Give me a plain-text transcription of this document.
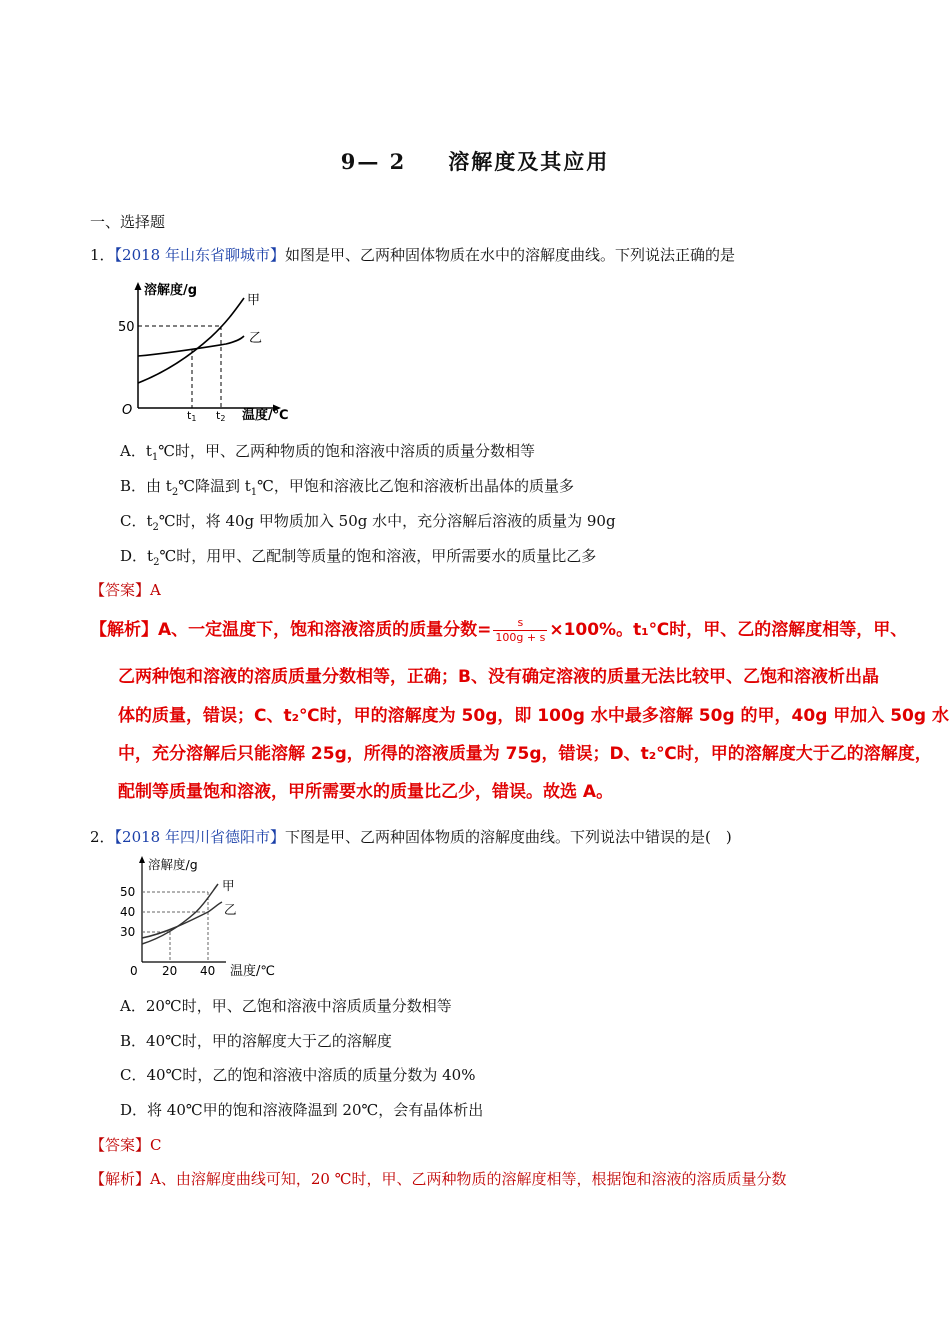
9— 2 溶解度及其应用
一、选择题
1．【2018 年山东省聊城市】如图是甲、乙两种固体物质在水中的溶解度曲线。下列说法正确的是
溶解度/g
50
O	t1 t2 温度/℃
甲
乙
A．$t_1℃$时，甲、乙两种物质的饱和溶液中溶质的质量分数相等
B．由 $t_2℃$降温到 $t_1℃$，甲饱和溶液比乙饱和溶液析出晶体的质量多
C．$t_2℃$时，将 40g 甲物质加入 50g 水中，充分溶解后溶液的质量为 90g
D．$t_2℃$时，用甲、乙配制等质量的饱和溶液，甲所需要水的质量比乙多
【答案】A
【解析】A、一定温度下，饱和溶液溶质的质量分数= $\frac{s}{100g + s} \times 100\%$。t₁℃时，甲、乙的溶解度相等，甲、
乙两种饱和溶液的溶质质量分数相等，正确；B、没有确定溶液的质量无法比较甲、乙饱和溶液析出晶
体的质量，错误；C、t₂℃时，甲的溶解度为 50g，即 100g 水中最多溶解 50g 的甲，40g 甲加入 50g 水
中，充分溶解后只能溶解 25g，所得的溶液质量为 75g，错误；D、t₂℃时，甲的溶解度大于乙的溶解度，
配制等质量饱和溶液，甲所需要水的质量比乙少，错误。故选 A。
2．【2018 年四川省德阳市】下图是甲、乙两种固体物质的溶解度曲线。下列说法中错误的是(　)
溶解度/g
50
40
30
0 20 40 温度/℃
甲
乙
A．20℃时，甲、乙饱和溶液中溶质质量分数相等
B．40℃时，甲的溶解度大于乙的溶解度
C．40℃时，乙的饱和溶液中溶质的质量分数为 40%
D．将 40℃甲的饱和溶液降温到 20℃，会有晶体析出
【答案】C
【解析】A、由溶解度曲线可知，20 ℃时，甲、乙两种物质的溶解度相等，根据饱和溶液的溶质质量分数
